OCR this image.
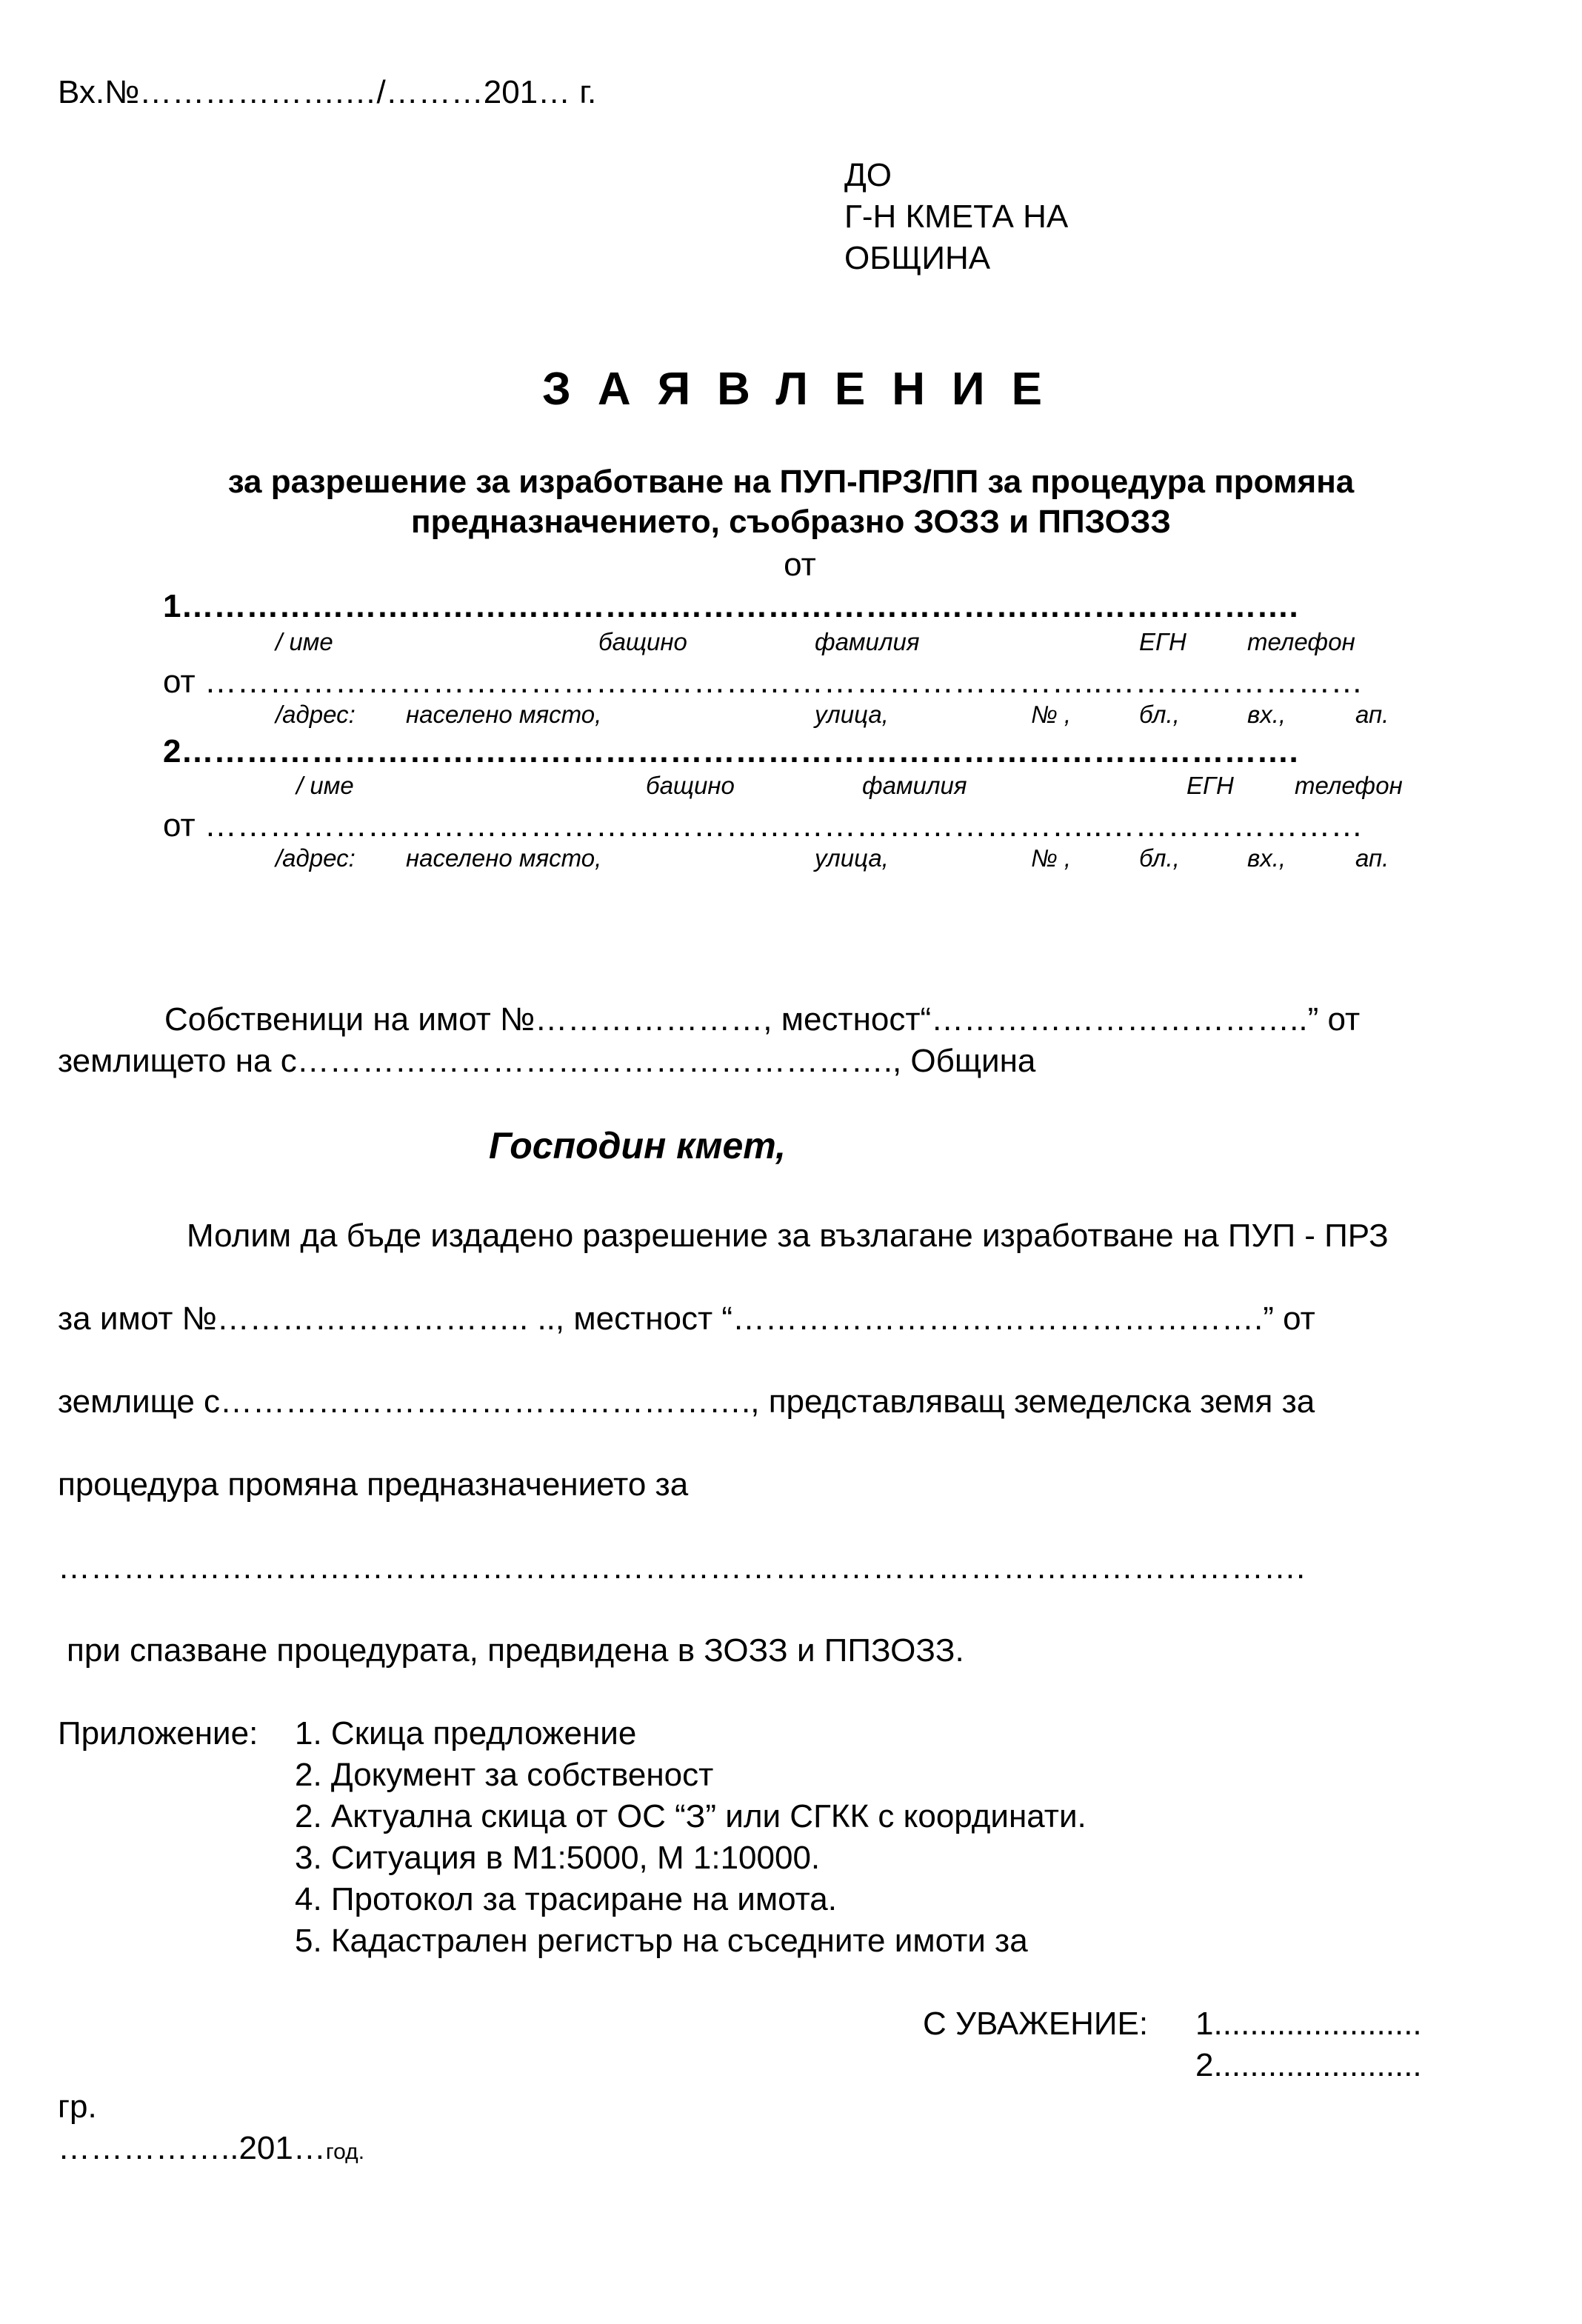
Вх.№……………….…/………201… г.
ДО
Г-Н КМЕТА НА
ОБЩИНА
ЗАЯВЛЕНИЕ
за разрешение за изработване на ПУП-ПРЗ/ПП за процедура промяна
предназначението, съобразно ЗОЗЗ и ППЗОЗЗ
от
1………………………………………………………………………………………….
/ име	бащино	фамилия	ЕГН телефон
от ………………………………………………………………………..……………………
/адрес: населено място,	улица,	№ ,	бл.,	вх.,	ап.
2………………………………………………………………………………………….
/ име	бащино	фамилия	ЕГН телефон
от ………………………………………………………………………..……………………
/адрес: населено място,	улица,	№ ,	бл.,	вх.,	ап.
Собственици на имот №…………………, местност“……………………………..” от
землището на с………………………………………………., Община
Господин кмет,
Молим да бъде издадено разрешение за възлагане изработване на ПУП - ПРЗ
за имот №……………………….. .., местност “………………………………………….” от
землище с…………………………………………., представляващ земеделска земя за
процедура промяна предназначението за
…………………………………………………………………………………………………….
при спазване процедурата, предвидена в ЗОЗЗ и ППЗОЗЗ.
Приложение: 1. Скица предложение
2. Документ за собственост
2. Актуална скица от ОС “З” или СГКК с координати.
3. Ситуация в М1:5000, М 1:10000.
4. Протокол за трасиране на имота.
5. Кадастрален регистър на съседните имоти за
С УВАЖЕНИЕ: 1.......................
2.......................
гр.
……………..201…год.
